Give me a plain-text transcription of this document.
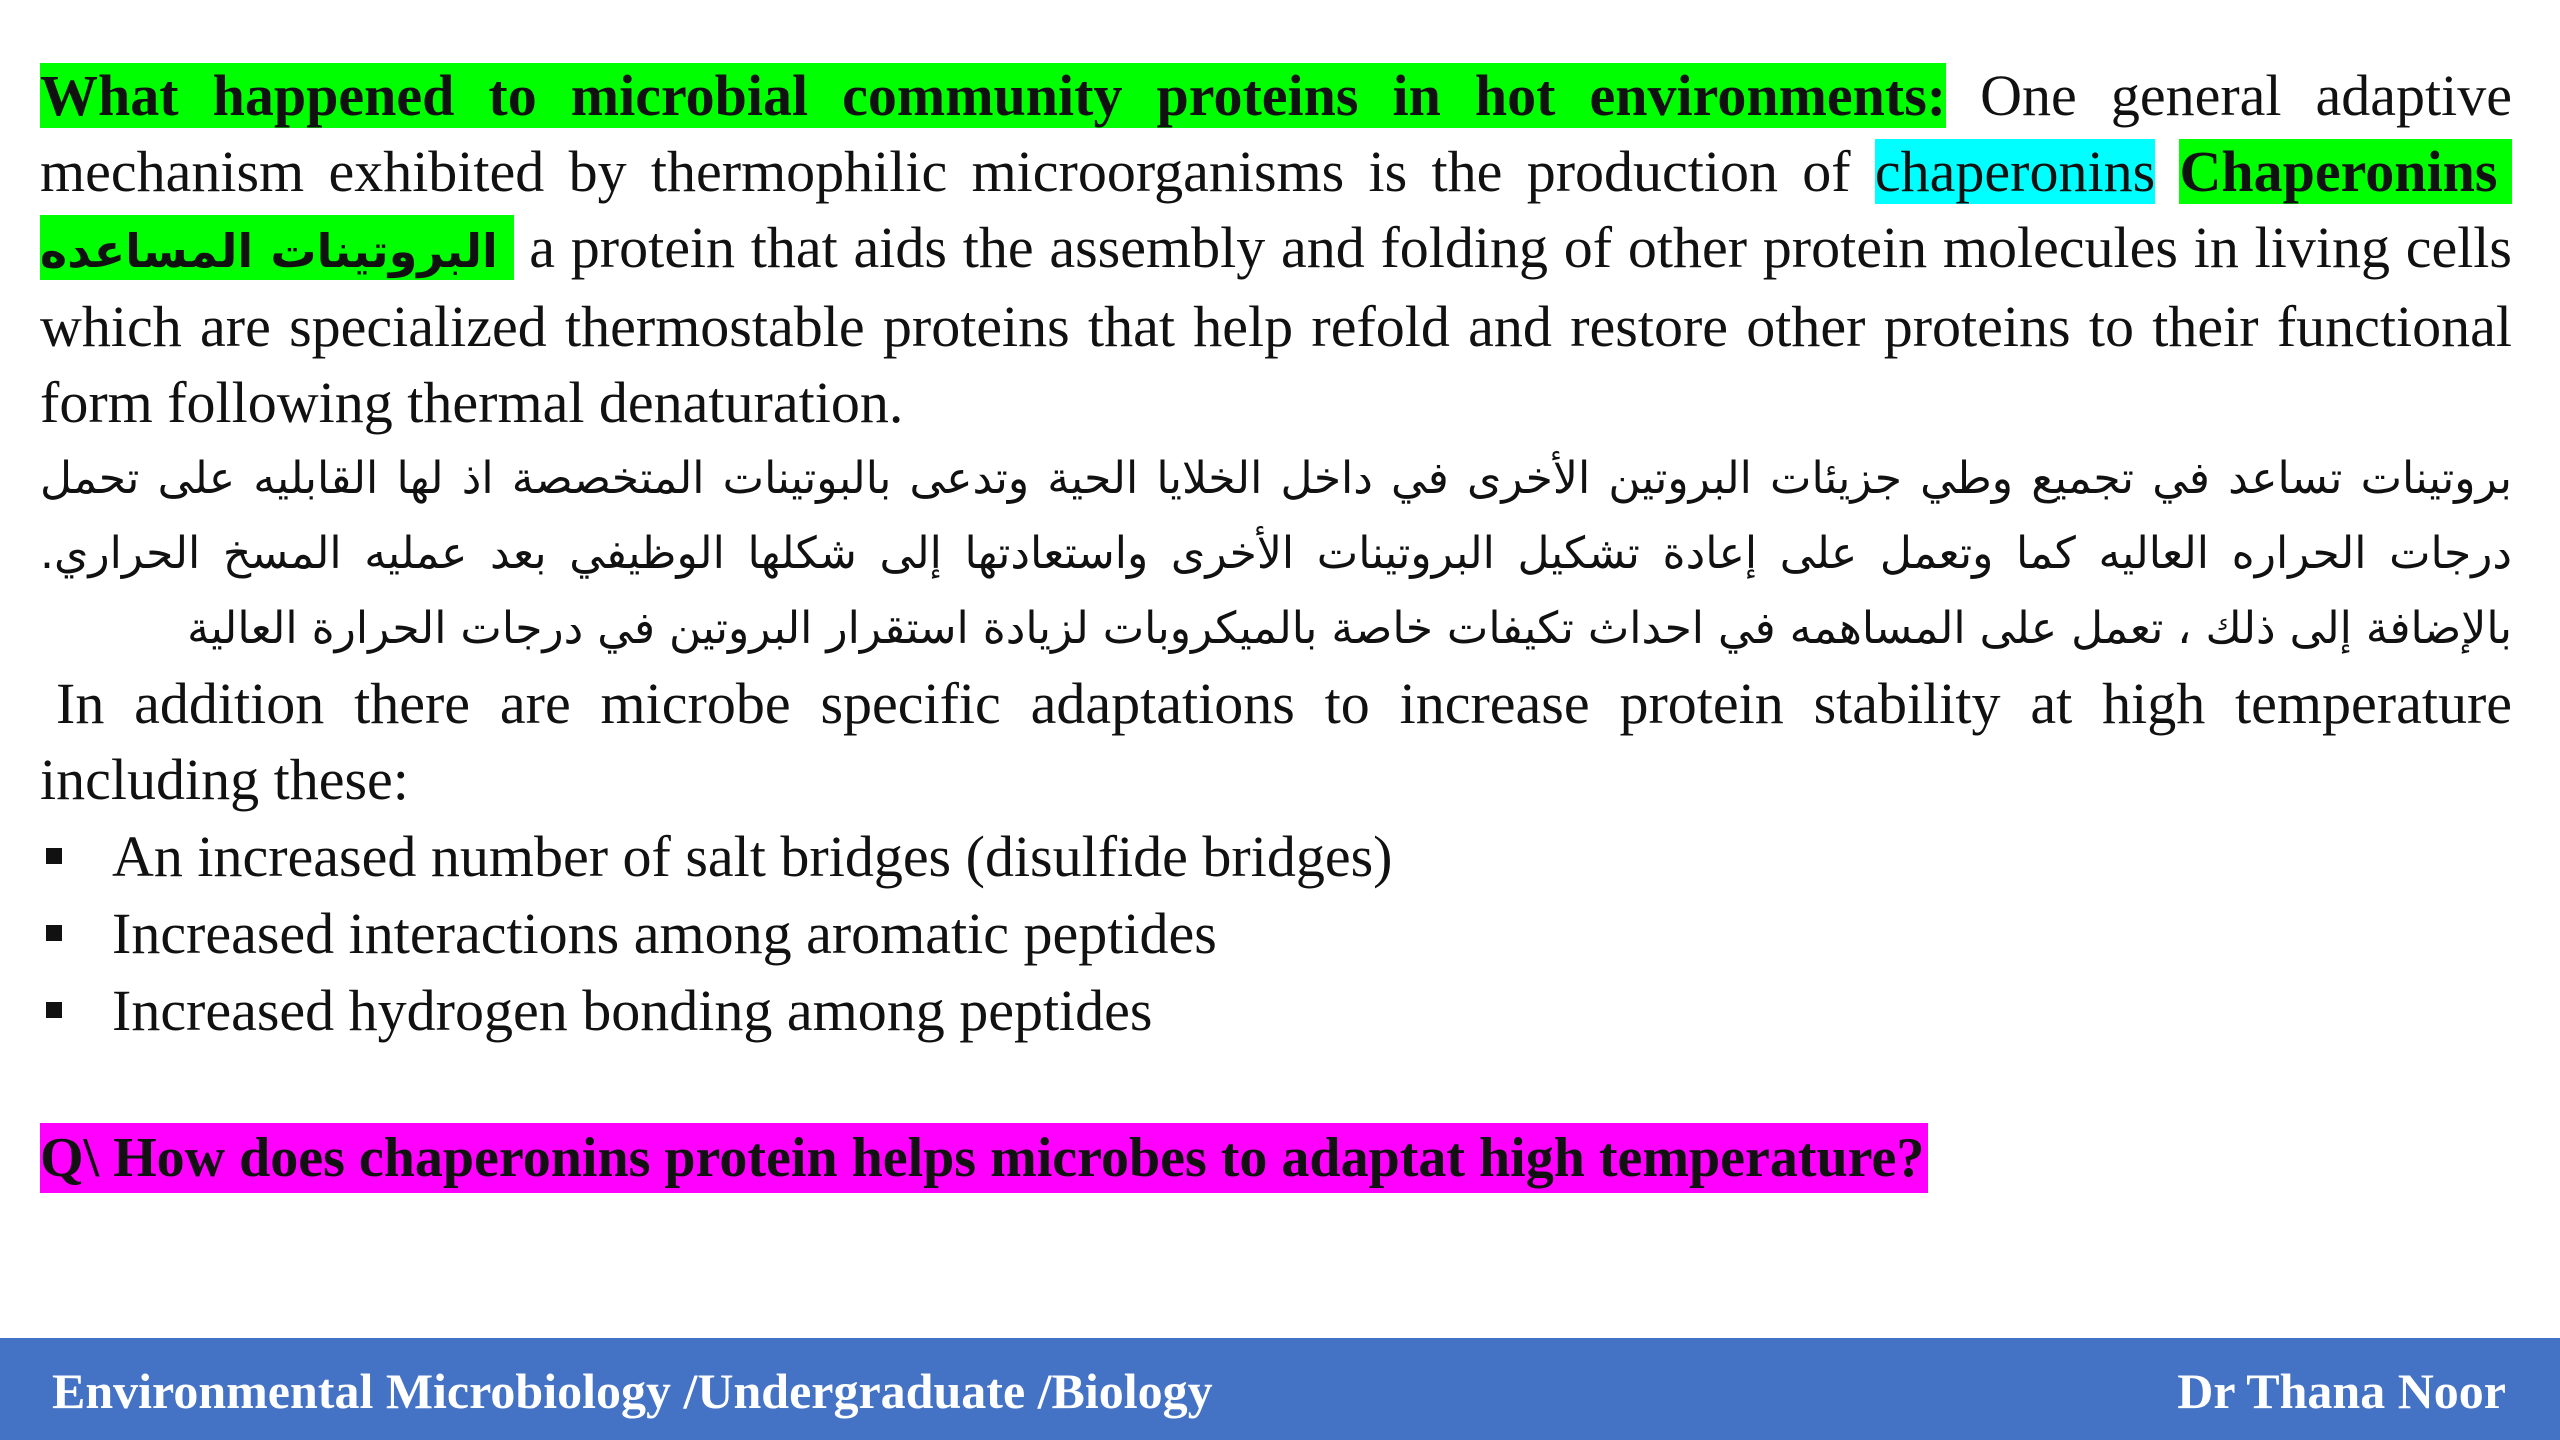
What happened to microbial community proteins in hot environments: One general adaptive mechanism exhibited by thermophilic microorganisms is the production of chaperonins Chaperonins  البروتينات المساعده  a protein that aids the assembly and folding of other protein molecules in living cells which are specialized thermostable proteins that help refold and restore other proteins to their functional form following thermal denaturation.

بروتينات تساعد في تجميع وطي جزيئات البروتين الأخرى في داخل الخلايا الحية وتدعى بالبوتينات المتخصصة اذ لها القابليه على تحمل درجات الحراره العاليه كما وتعمل على إعادة تشكيل البروتينات الأخرى واستعادتها إلى شكلها الوظيفي بعد عمليه المسخ الحراري. بالإضافة إلى ذلك ، تعمل على المساهمه في احداث تكيفات خاصة بالميكروبات لزيادة استقرار البروتين في درجات الحرارة العالية

In addition there are microbe specific adaptations to increase protein stability at high temperature including these:

An increased number of salt bridges (disulfide bridges)
Increased interactions among aromatic peptides
Increased hydrogen bonding among peptides
Q\ How does chaperonins protein helps microbes to adaptat high temperature?
Environmental Microbiology /Undergraduate /Biology	Dr Thana Noor
